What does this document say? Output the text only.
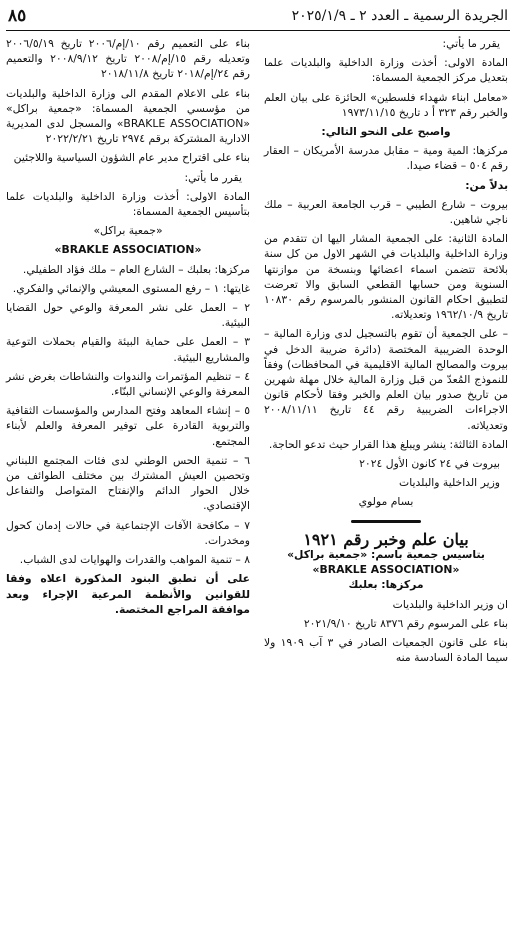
الجريدة الرسمية ـ العدد ٢ ـ ٢٠٢٥/١/٩
٨٥

يقرر ما يأتي:

المادة الاولى: أخذت وزارة الداخلية والبلديات علما بتعديل مركز الجمعية المسماة:

«معامل ابناء شهداء فلسطين» الحائزة على بيان العلم والخبر رقم ٣٢٣ أ د تاريخ ١٩٧٣/١١/١٥

واصبح على النحو التالي:

مركزها: المية ومية – مقابل مدرسة الأمريكان – العقار رقم ٥٠٤ – قضاء صيدا.

بدلاً من:

بيروت – شارع الطيبي – قرب الجامعة العربية – ملك ناجي شاهين.

المادة الثانية: على الجمعية المشار اليها ان تتقدم من وزارة الداخلية والبلديات في الشهر الاول من كل سنة بلائحة تتضمن اسماء اعضائها وبنسخة من موازنتها السنوية ومن حسابها القطعي السابق والا تعرضت لتطبيق احكام القانون المنشور بالمرسوم رقم ١٠٨٣٠ تاريخ ١٩٦٢/١٠/٩ وتعديلاته.

– على الجمعية أن تقوم بالتسجيل لدى وزارة المالية – الوحدة الضريبية المختصة (دائرة ضريبة الدخل في بيروت والمصالح المالية الاقليمية في المحافظات) وفقاً للنموذج المُعدّ من قبل وزارة المالية خلال مهلة شهرين من تاريخ صدور بيان العلم والخبر وفقا لأحكام قانون الاجراءات الضريبية رقم ٤٤ تاريخ ٢٠٠٨/١١/١١ وتعديلاته.

المادة الثالثة: ينشر ويبلغ هذا القرار حيث تدعو الحاجة.

بيروت في ٢٤ كانون الأول ٢٠٢٤

وزير الداخلية والبلديات

بسام مولوي

بيان علم وخبر رقم ١٩٢١
بتاسيس جمعية باسم: «جمعية براكل»
«BRAKLE ASSOCIATION»
مركزها: بعلبك

ان وزير الداخلية والبلديات

بناء على المرسوم رقم ٨٣٧٦ تاريخ ٢٠٢١/٩/١٠

بناء على قانون الجمعيات الصادر في ٣ آب ١٩٠٩ ولا سيما المادة السادسة منه

بناء على التعميم رقم ١٠/إم/٢٠٠٦ تاريخ ٢٠٠٦/٥/١٩ وتعديله رقم ١٥/إم/٢٠٠٨ تاريخ ٢٠٠٨/٩/١٢ والتعميم رقم ٢٤/إم/٢٠١٨ تاريخ ٢٠١٨/١١/٨

بناء على الاعلام المقدم الى وزارة الداخلية والبلديات من مؤسسي الجمعية المسماة: «جمعية براكل» «BRAKLE ASSOCIATION» والمسجل لدى المديرية الادارية المشتركة برقم ٢٩٧٤ تاريخ ٢٠٢٢/٢/٢١

بناء على اقتراح مدير عام الشؤون السياسية واللاجئين

يقرر ما يأتي:

المادة الاولى: أخذت وزارة الداخلية والبلديات علما بتأسيس الجمعية المسماة:

«جمعية براكل»

«BRAKLE ASSOCIATION»

مركزها: بعلبك – الشارع العام – ملك فؤاد الطفيلي.

غايتها: ١ – رفع المستوى المعيشي والإنمائي والفكري.

٢ – العمل على نشر المعرفة والوعي حول القضايا البيئية.

٣ – العمل على حماية البيئة والقيام بحملات التوعية والمشاريع البيئية.

٤ – تنظيم المؤتمرات والندوات والنشاطات بغرض نشر المعرفة والوعي الإنساني البنّاء.

٥ – إنشاء المعاهد وفتح المدارس والمؤسسات الثقافية والتربوية القادرة على توفير المعرفة والعلم لأبناء المجتمع.

٦ – تنمية الحس الوطني لدى فئات المجتمع اللبناني وتحصين العيش المشترك بين مختلف الطوائف من خلال الحوار الدائم والإنفتاح المتواصل والتفاعل الإقتصادي.

٧ – مكافحة الآفات الإجتماعية في حالات إدمان كحول ومخدرات.

٨ – تنمية المواهب والقدرات والهوايات لدى الشباب.

على أن تطبق البنود المذكورة اعلاه وفقا للقوانين والأنظمة المرعية الإجراء وبعد موافقة المراجع المختصة.
